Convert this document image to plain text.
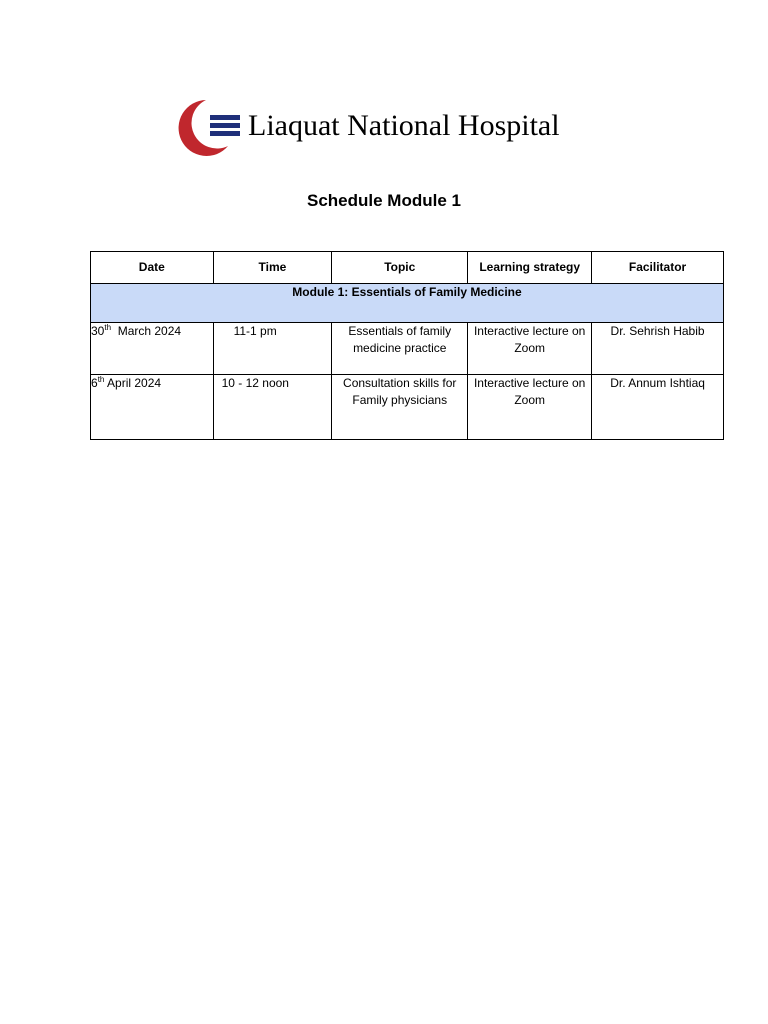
Liaquat National Hospital
Schedule Module 1
Date	Time	Topic	Learning strategy	Facilitator
Module 1: Essentials of Family Medicine				
30th March 2024	11-1 pm	Essentials of family medicine practice	Interactive lecture on Zoom	Dr. Sehrish Habib
6th April 2024	10 - 12 noon	Consultation skills for Family physicians	Interactive lecture on Zoom	Dr. Annum Ishtiaq
